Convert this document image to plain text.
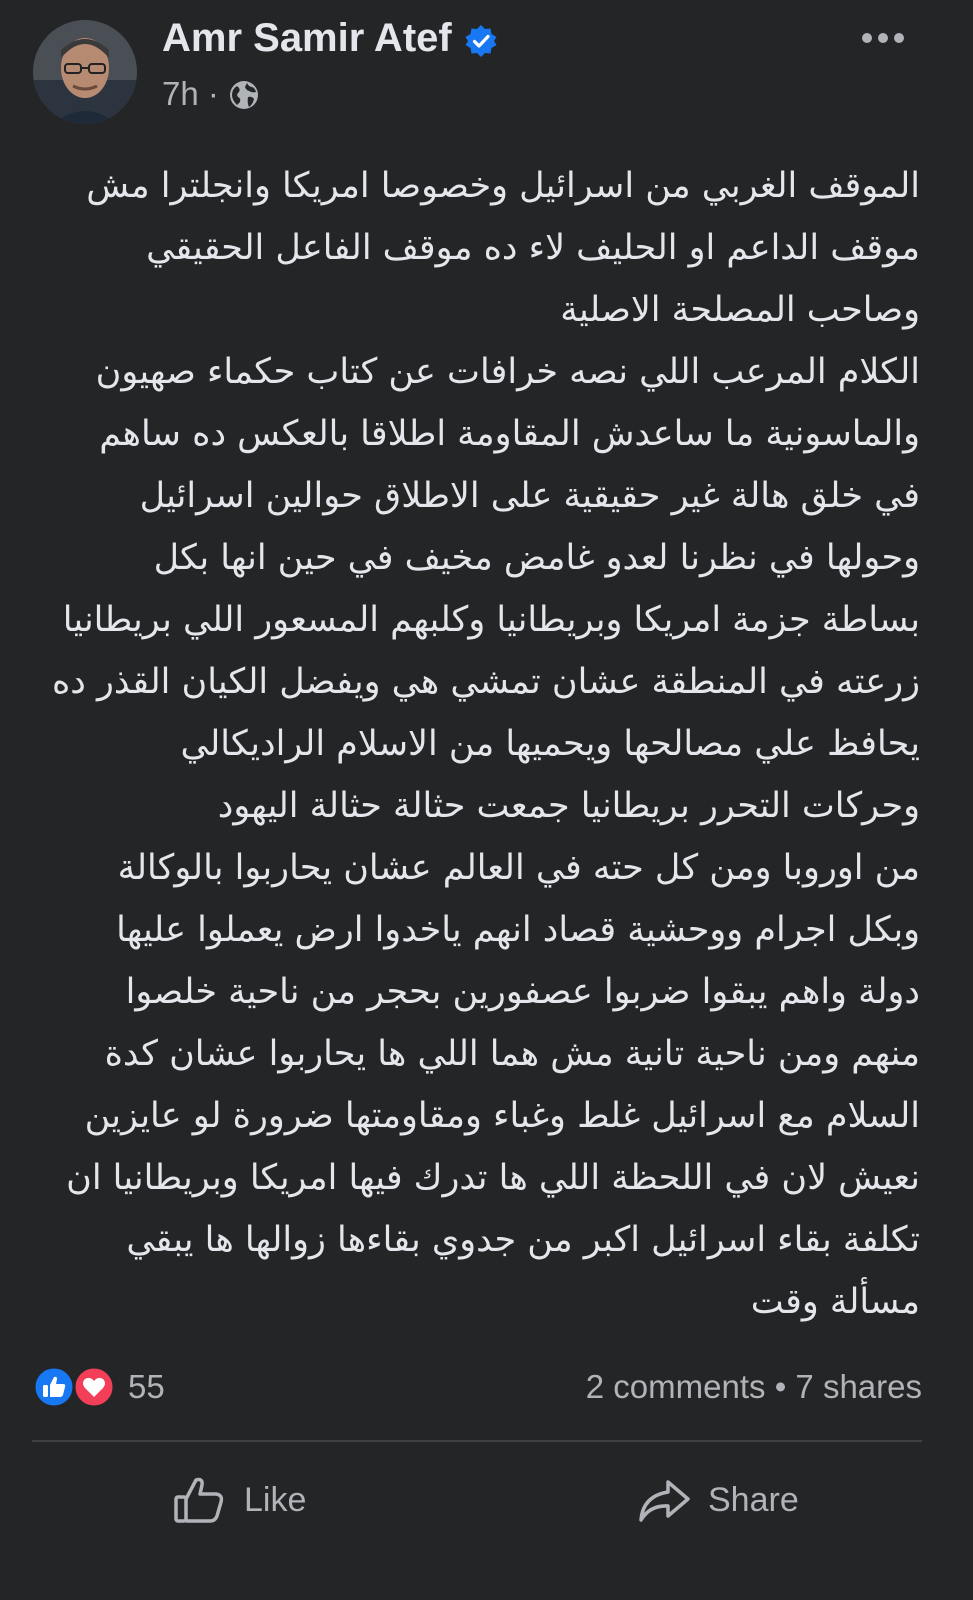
Amr Samir Atef
7h ·
الموقف الغربي من اسرائيل وخصوصا امريكا وانجلترا مش
موقف الداعم او الحليف لاء ده موقف الفاعل الحقيقي
وصاحب المصلحة الاصلية
الكلام المرعب اللي نصه خرافات عن كتاب حكماء صهيون
والماسونية ما ساعدش المقاومة اطلاقا بالعكس ده ساهم
في خلق هالة غير حقيقية على الاطلاق حوالين اسرائيل
وحولها في نظرنا لعدو غامض مخيف في حين انها بكل
بساطة جزمة امريكا وبريطانيا وكلبهم المسعور اللي بريطانيا
زرعته في المنطقة عشان تمشي هي ويفضل الكيان القذر ده
يحافظ علي مصالحها ويحميها من الاسلام الراديكالي
وحركات التحرر بريطانيا جمعت حثالة حثالة اليهود
من اوروبا ومن كل حته في العالم عشان يحاربوا بالوكالة
وبكل اجرام ووحشية قصاد انهم ياخدوا ارض يعملوا عليها
دولة واهم يبقوا ضربوا عصفورين بحجر من ناحية خلصوا
منهم ومن ناحية تانية مش هما اللي ها يحاربوا عشان كدة
السلام مع اسرائيل غلط وغباء ومقاومتها ضرورة لو عايزين
نعيش لان في اللحظة اللي ها تدرك فيها امريكا وبريطانيا ان
تكلفة بقاء اسرائيل اكبر من جدوي بقاءها زوالها ها يبقي
مسألة وقت
55	2 comments • 7 shares
Like	Share
